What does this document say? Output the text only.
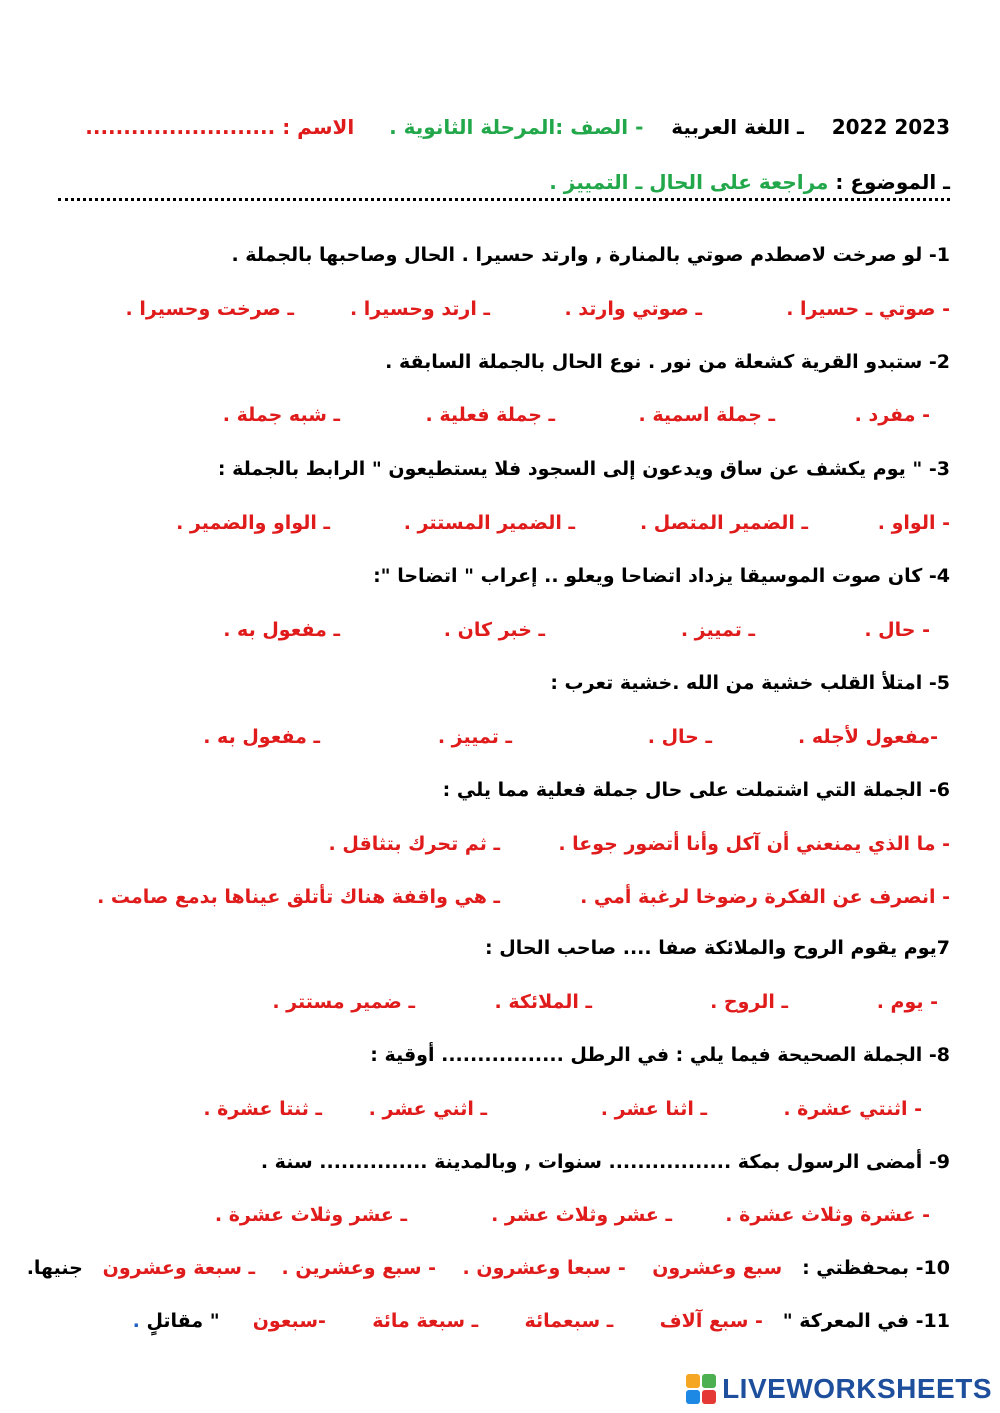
2022 2023    ـ اللغة العربية    - الصف :المرحلة الثانوية .     الاسم : .........................
ـ الموضوع : مراجعة على الحال ـ التمييز .
1- لو صرخت لاصطدم صوتي بالمنارة , وارتد حسيرا . الحال وصاحبها بالجملة .
- صوتي ـ حسيرا .
ـ صوتي وارتد .
ـ ارتد وحسيرا .
ـ صرخت وحسيرا .
2- ستبدو القرية كشعلة من نور . نوع الحال بالجملة السابقة .
- مفرد .
ـ جملة اسمية .
ـ جملة فعلية .
ـ شبه جملة .
3- " يوم يكشف عن ساق ويدعون إلى السجود فلا يستطيعون " الرابط بالجملة :
- الواو .
ـ الضمير المتصل .
ـ الضمير المستتر .
ـ الواو والضمير .
4- كان صوت الموسيقا يزداد اتضاحا ويعلو .. إعراب " اتضاحا ":
- حال .
ـ تمييز .
ـ خبر كان .
ـ مفعول به .
5- امتلأ القلب خشية من الله .خشية تعرب :
-مفعول لأجله .
ـ حال .
ـ تمييز .
ـ مفعول به .
6- الجملة التي اشتملت على حال جملة فعلية مما يلي :
- ما الذي يمنعني أن آكل وأنا أتضور جوعا .
ـ ثم تحرك بتثاقل .
- انصرف عن الفكرة رضوخا لرغبة أمي .
ـ هي واقفة هناك تأتلق عيناها بدمع صامت .
7يوم يقوم الروح والملائكة صفا .... صاحب الحال :
- يوم .
ـ الروح .
ـ الملائكة .
ـ ضمير مستتر .
8- الجملة الصحيحة فيما يلي : في الرطل ................. أوقية :
- اثنتي عشرة .
ـ اثنا عشر .
ـ اثني عشر .
ـ ثنتا عشرة .
9- أمضى الرسول بمكة ................. سنوات , وبالمدينة ............... سنة .
- عشرة وثلاث عشرة .
ـ عشر وثلاث عشر .
ـ عشر وثلاث عشرة .
10- بمحفظتي :   سبع وعشرون    - سبعا وعشرون .    - سبع وعشرين .    ـ سبعة وعشرون   جنيها.
11- في المعركة "   - سبع آلاف       ـ سبعمائة       ـ سبعة مائة       -سبعون     " مقاتلٍ .
LIVEWORKSHEETS
